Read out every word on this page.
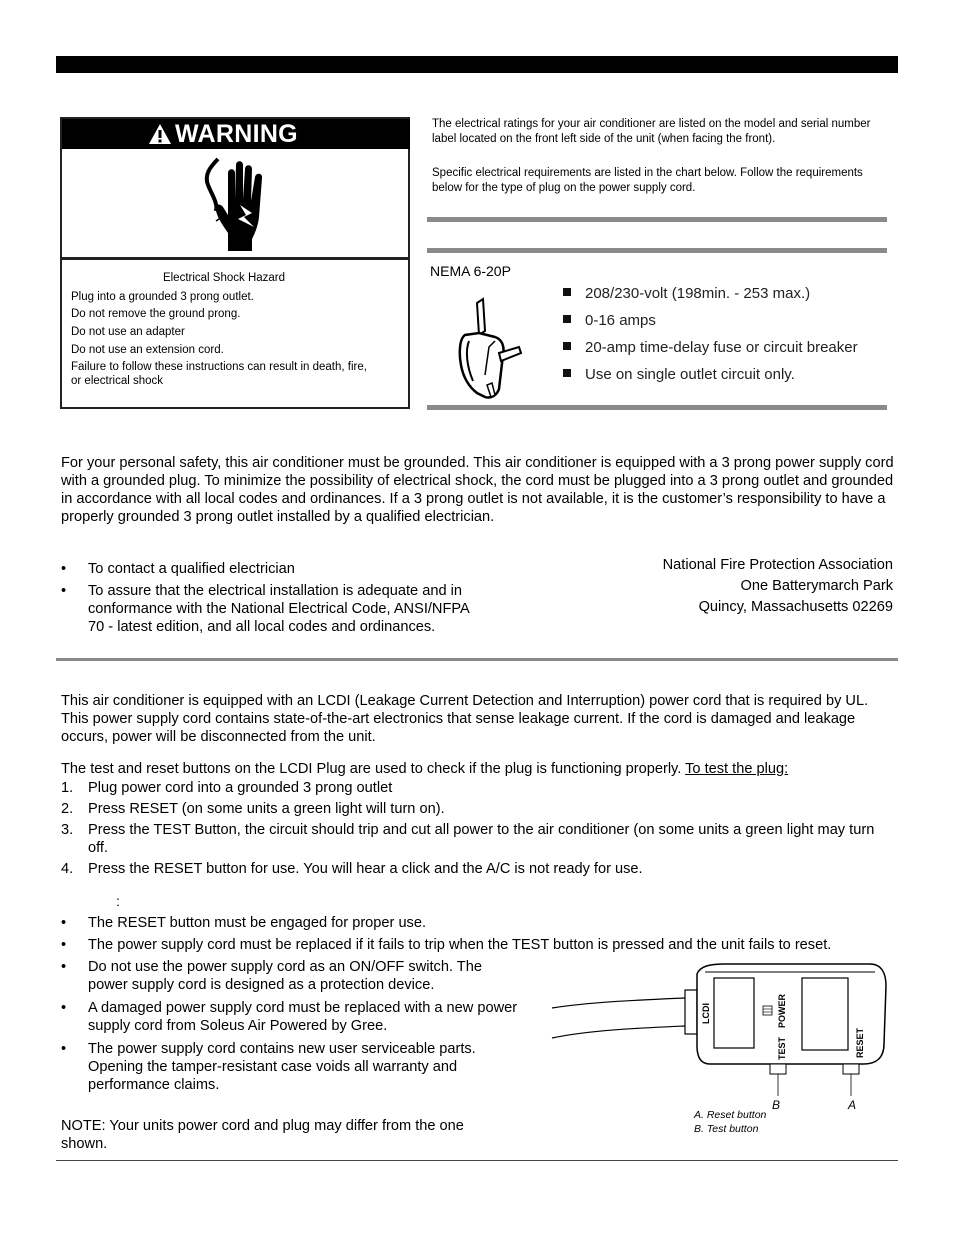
WARNING
Electrical Shock Hazard
Plug into a grounded 3 prong outlet.
Do not remove the ground prong.
Do not use an adapter
Do not use an extension cord.
Failure to follow these instructions can result in death, fire, or electrical shock
The electrical ratings for your air conditioner are listed on the model and serial number label located on the front left side of the unit (when facing the front).
Specific electrical requirements are listed in the chart below. Follow the requirements below for the type of plug on the power supply cord.
NEMA 6-20P
208/230-volt (198min. - 253 max.)
0-16 amps
20-amp time-delay fuse or circuit breaker
Use on single outlet circuit only.
For your personal safety, this air conditioner must be grounded. This air conditioner is equipped with a 3 prong power supply cord with a grounded plug. To minimize the possibility of electrical shock, the cord must be plugged into a 3 prong outlet and grounded in accordance with all local codes and ordinances. If a 3 prong outlet is not available, it is the customer’s responsibility to have a properly grounded 3 prong outlet installed by a qualified electrician.
• To contact a qualified electrician
• To assure that the electrical installation is adequate and in conformance with the National Electrical Code, ANSI/NFPA 70 - latest edition, and all local codes and ordinances.
National Fire Protection Association
One Batterymarch Park
Quincy, Massachusetts 02269
This air conditioner is equipped with an LCDI (Leakage Current Detection and Interruption) power cord that is required by UL. This power supply cord contains state-of-the-art electronics that sense leakage current. If the cord is damaged and leakage occurs, power will be disconnected from the unit.
The test and reset buttons on the LCDI Plug are used to check if the plug is functioning properly. To test the plug:
1. Plug power cord into a grounded 3 prong outlet
2. Press RESET (on some units a green light will turn on).
3. Press the TEST Button, the circuit should trip and cut all power to the air conditioner (on some units a green light may turn off.
4. Press the RESET button for use. You will hear a click and the A/C is not ready for use.
:
• The RESET button must be engaged for proper use.
• The power supply cord must be replaced if it fails to trip when the TEST button is pressed and the unit fails to reset.
• Do not use the power supply cord as an ON/OFF switch. The power supply cord is designed as a protection device.
• A damaged power supply cord must be replaced with a new power supply cord from Soleus Air Powered by Gree.
• The power supply cord contains new user serviceable parts. Opening the tamper-resistant case voids all warranty and performance claims.
NOTE: Your units power cord and plug may differ from the one shown.
LCDI	POWER
TEST	RESET
B	A
A. Reset button
B. Test button
